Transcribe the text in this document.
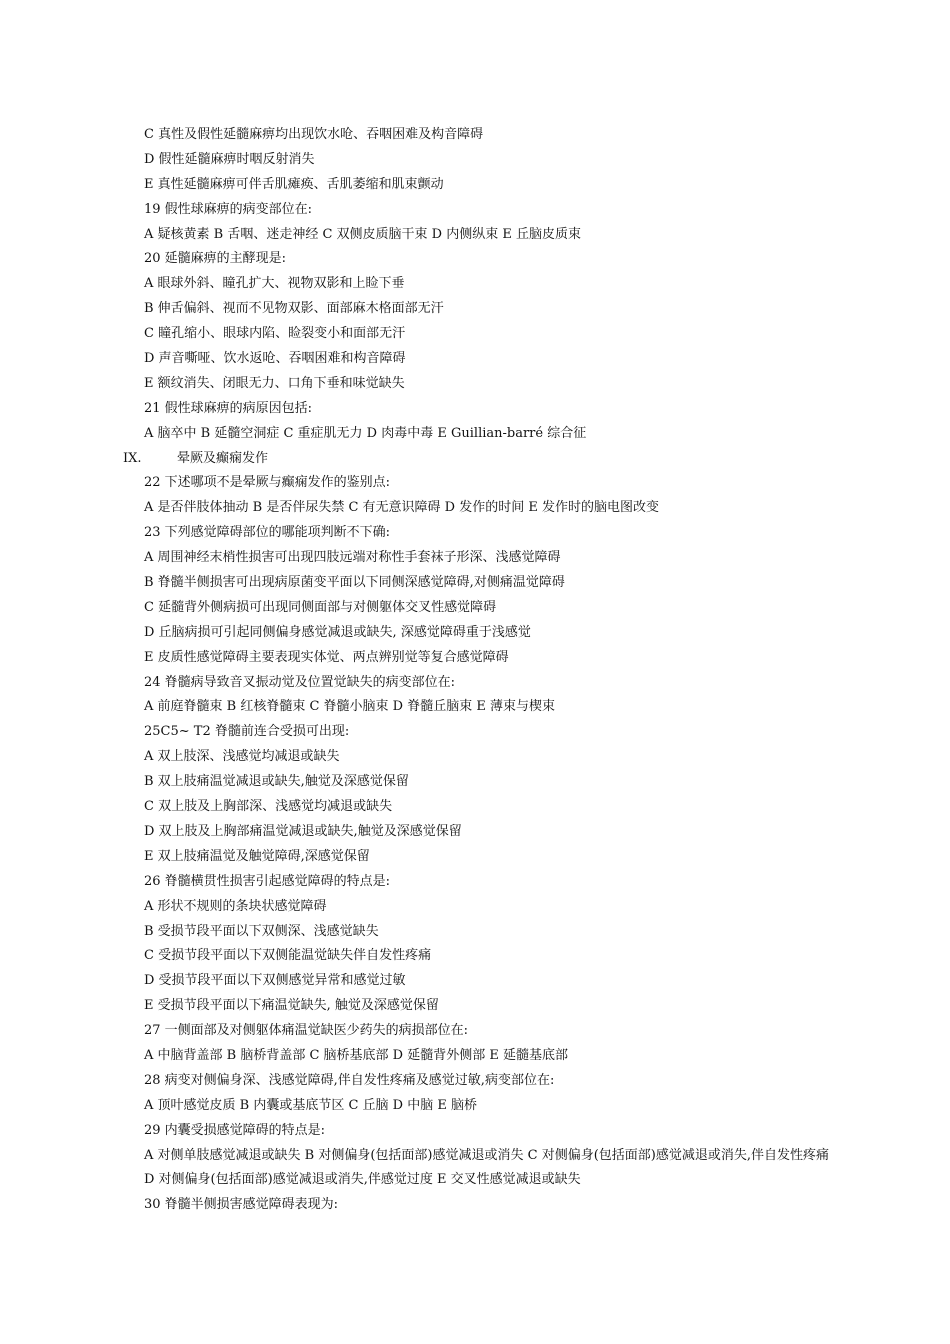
C 真性及假性延髓麻痹均出现饮水呛、吞咽困难及构音障碍
D 假性延髓麻痹时咽反射消失
E 真性延髓麻痹可伴舌肌瘫痪、舌肌萎缩和肌束颤动
19 假性球麻痹的病变部位在:
A 疑核黄素 B 舌咽、迷走神经 C 双侧皮质脑干束 D 内侧纵束 E 丘脑皮质束
20 延髓麻痹的主酵现是:
A 眼球外斜、瞳孔扩大、视物双影和上睑下垂
B 伸舌偏斜、视而不见物双影、面部麻木格面部无汗
C 瞳孔缩小、眼球内陷、睑裂变小和面部无汗
D 声音嘶哑、饮水返呛、吞咽困难和构音障碍
E 额纹消失、闭眼无力、口角下垂和味觉缺失
21 假性球麻痹的病原因包括:
A 脑卒中 B 延髓空洞症 C 重症肌无力 D 肉毒中毒 E Guillian-barré 综合征
IX.	晕厥及癫痫发作
22 下述哪项不是晕厥与癫痫发作的鉴别点:
A 是否伴肢体抽动 B 是否伴尿失禁 C 有无意识障碍 D 发作的时间 E 发作时的脑电图改变
23 下列感觉障碍部位的哪能项判断不下确:
A 周围神经末梢性损害可出现四肢远端对称性手套袜子形深、浅感觉障碍
B 脊髓半侧损害可出现病原菌变平面以下同侧深感觉障碍,对侧痛温觉障碍
C 延髓背外侧病损可出现同侧面部与对侧躯体交叉性感觉障碍
D 丘脑病损可引起同侧偏身感觉减退或缺失, 深感觉障碍重于浅感觉
E 皮质性感觉障碍主要表现实体觉、两点辨别觉等复合感觉障碍
24 脊髓病导致音叉振动觉及位置觉缺失的病变部位在:
A 前庭脊髓束 B 红核脊髓束 C 脊髓小脑束 D 脊髓丘脑束 E 薄束与楔束
25C5~ T2 脊髓前连合受损可出现:
A 双上肢深、浅感觉均减退或缺失
B 双上肢痛温觉减退或缺失,触觉及深感觉保留
C 双上肢及上胸部深、浅感觉均减退或缺失
D 双上肢及上胸部痛温觉减退或缺失,触觉及深感觉保留
E 双上肢痛温觉及触觉障碍,深感觉保留
26 脊髓横贯性损害引起感觉障碍的特点是:
A 形状不规则的条块状感觉障碍
B 受损节段平面以下双侧深、浅感觉缺失
C 受损节段平面以下双侧能温觉缺失伴自发性疼痛
D 受损节段平面以下双侧感觉异常和感觉过敏
E 受损节段平面以下痛温觉缺失, 触觉及深感觉保留
27 一侧面部及对侧躯体痛温觉缺医少药失的病损部位在:
A 中脑背盖部 B 脑桥背盖部 C 脑桥基底部 D 延髓背外侧部 E 延髓基底部
28 病变对侧偏身深、浅感觉障碍,伴自发性疼痛及感觉过敏,病变部位在:
A 顶叶感觉皮质 B 内囊或基底节区 C 丘脑 D 中脑 E 脑桥
29 内囊受损感觉障碍的特点是:
A 对侧单肢感觉减退或缺失 B 对侧偏身(包括面部)感觉减退或消失 C 对侧偏身(包括面部)感觉减退或消失,伴自发性疼痛 D 对侧偏身(包括面部)感觉减退或消失,伴感觉过度 E 交叉性感觉减退或缺失
30 脊髓半侧损害感觉障碍表现为:
